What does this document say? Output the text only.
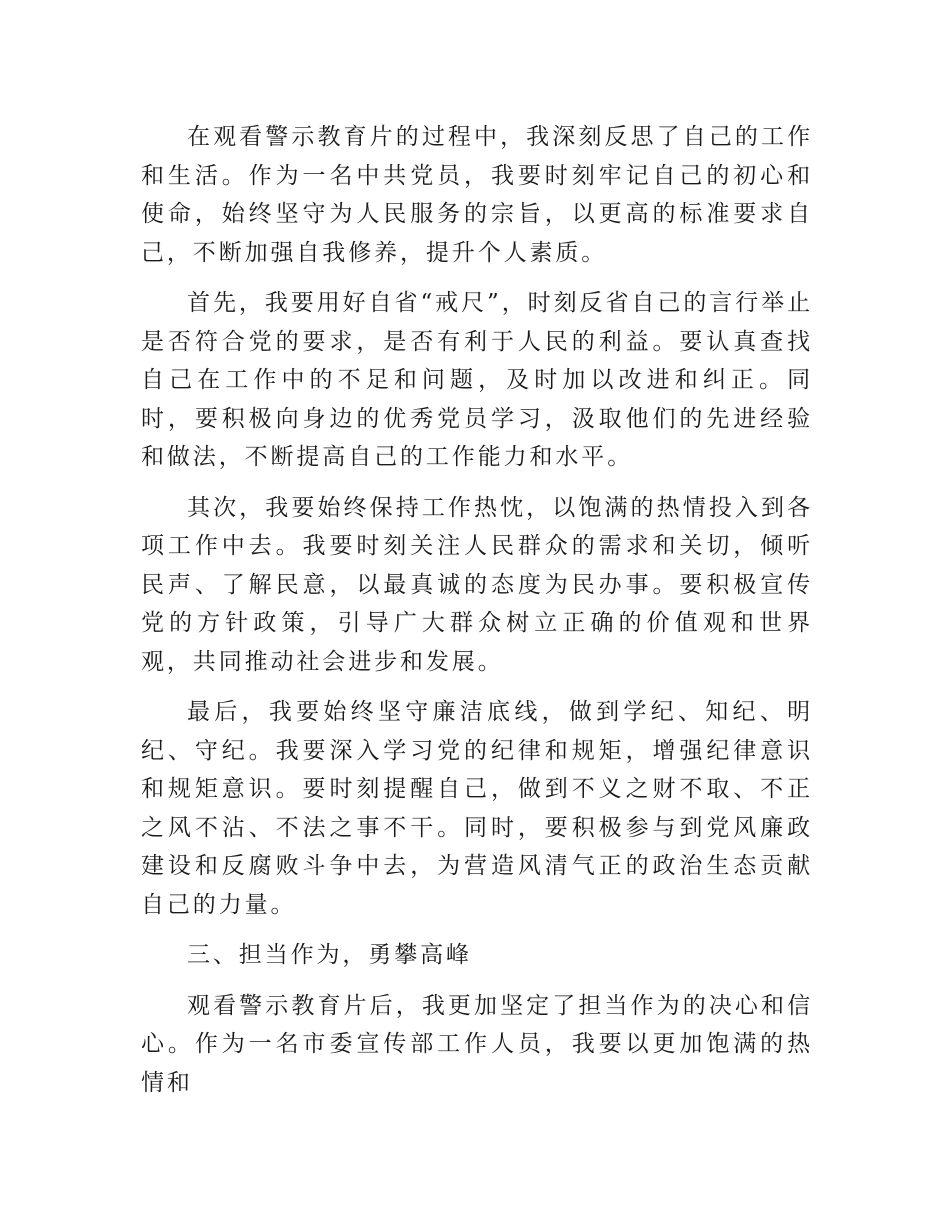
在观看警示教育片的过程中，我深刻反思了自己的工作和生活。作为一名中共党员，我要时刻牢记自己的初心和使命，始终坚守为人民服务的宗旨，以更高的标准要求自己，不断加强自我修养，提升个人素质。

首先，我要用好自省“戒尺”，时刻反省自己的言行举止是否符合党的要求，是否有利于人民的利益。要认真查找自己在工作中的不足和问题，及时加以改进和纠正。同时，要积极向身边的优秀党员学习，汲取他们的先进经验和做法，不断提高自己的工作能力和水平。

其次，我要始终保持工作热忱，以饱满的热情投入到各项工作中去。我要时刻关注人民群众的需求和关切，倾听民声、了解民意，以最真诚的态度为民办事。要积极宣传党的方针政策，引导广大群众树立正确的价值观和世界观，共同推动社会进步和发展。

最后，我要始终坚守廉洁底线，做到学纪、知纪、明纪、守纪。我要深入学习党的纪律和规矩，增强纪律意识和规矩意识。要时刻提醒自己，做到不义之财不取、不正之风不沾、不法之事不干。同时，要积极参与到党风廉政建设和反腐败斗争中去，为营造风清气正的政治生态贡献自己的力量。

三、担当作为，勇攀高峰

观看警示教育片后，我更加坚定了担当作为的决心和信心。作为一名市委宣传部工作人员，我要以更加饱满的热情和
